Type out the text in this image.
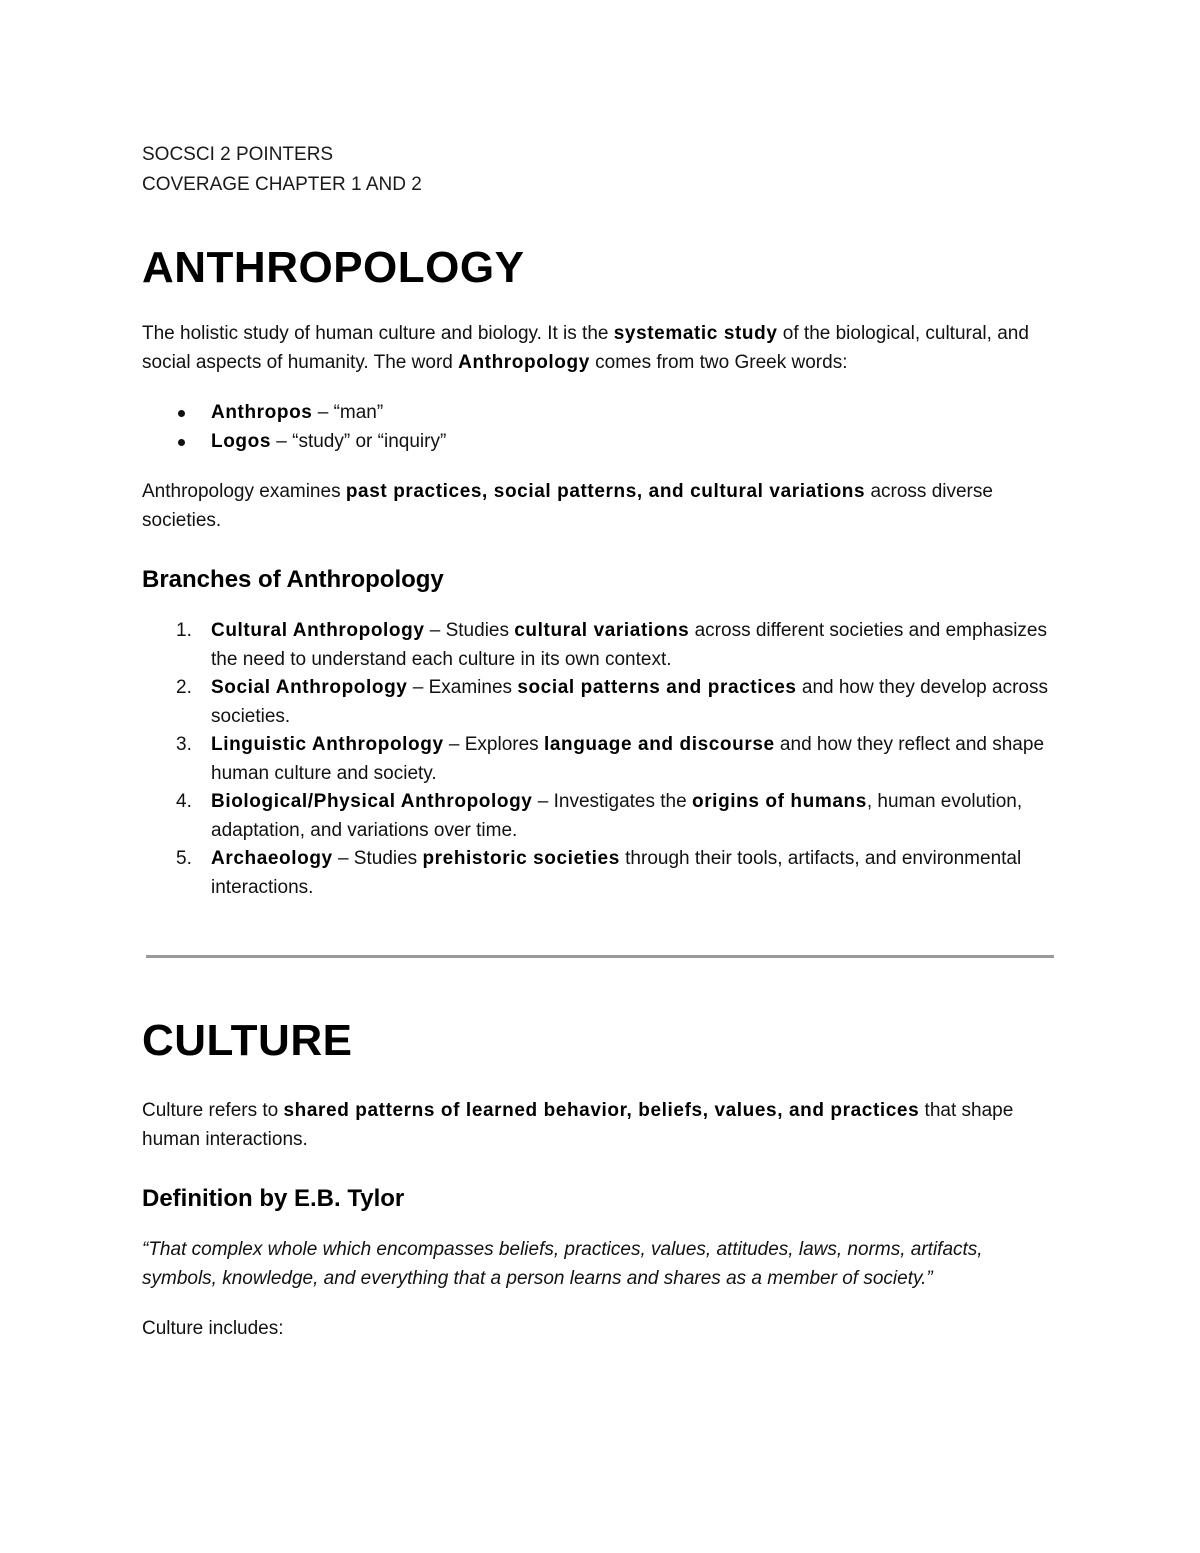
SOCSCI 2 POINTERS

COVERAGE CHAPTER 1 AND 2

ANTHROPOLOGY

The holistic study of human culture and biology. It is the systematic study of the biological, cultural, and social aspects of humanity. The word Anthropology comes from two Greek words:

Anthropos – “man”
Logos – “study” or “inquiry”

Anthropology examines past practices, social patterns, and cultural variations across diverse societies.

Branches of Anthropology
1. Cultural Anthropology – Studies cultural variations across different societies and emphasizes the need to understand each culture in its own context.
2. Social Anthropology – Examines social patterns and practices and how they develop across societies.
3. Linguistic Anthropology – Explores language and discourse and how they reflect and shape human culture and society.
4. Biological/Physical Anthropology – Investigates the origins of humans, human evolution, adaptation, and variations over time.
5. Archaeology – Studies prehistoric societies through their tools, artifacts, and environmental interactions.
CULTURE

Culture refers to shared patterns of learned behavior, beliefs, values, and practices that shape human interactions.

Definition by E.B. Tylor

“That complex whole which encompasses beliefs, practices, values, attitudes, laws, norms, artifacts, symbols, knowledge, and everything that a person learns and shares as a member of society.”

Culture includes:
